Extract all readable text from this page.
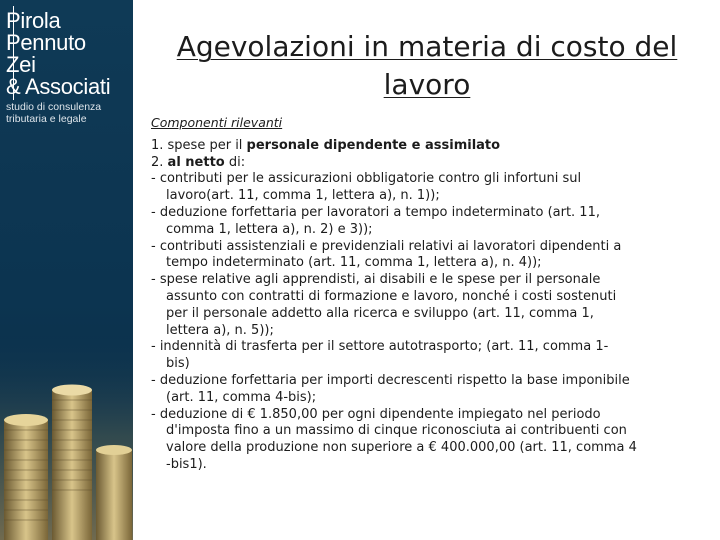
Pirola
Pennuto
Zei
& Associati
studio di consulenza
tributaria e legale
Agevolazioni in materia di costo del lavoro
Componenti rilevanti
1. spese per il personale dipendente e assimilato
2. al netto di:
- contributi per le assicurazioni obbligatorie contro gli infortuni sul
lavoro(art. 11, comma 1, lettera a), n. 1));
- deduzione forfettaria per lavoratori a tempo indeterminato (art. 11,
comma 1, lettera a), n. 2) e 3));
- contributi assistenziali e previdenziali relativi ai lavoratori dipendenti a
tempo indeterminato (art. 11, comma 1, lettera a), n. 4));
- spese relative agli apprendisti, ai disabili e le spese per il personale
assunto con contratti di formazione e lavoro, nonché i costi sostenuti
per il personale addetto alla ricerca e sviluppo (art. 11, comma 1,
lettera a), n. 5));
- indennità di trasferta per il settore autotrasporto; (art. 11, comma 1-
bis)
- deduzione forfettaria per importi decrescenti rispetto la base imponibile
(art. 11, comma 4-bis);
- deduzione di € 1.850,00 per ogni dipendente impiegato nel periodo
d'imposta fino a un massimo di cinque riconosciuta ai contribuenti con
valore della produzione non superiore a € 400.000,00 (art. 11, comma 4
-bis1).
